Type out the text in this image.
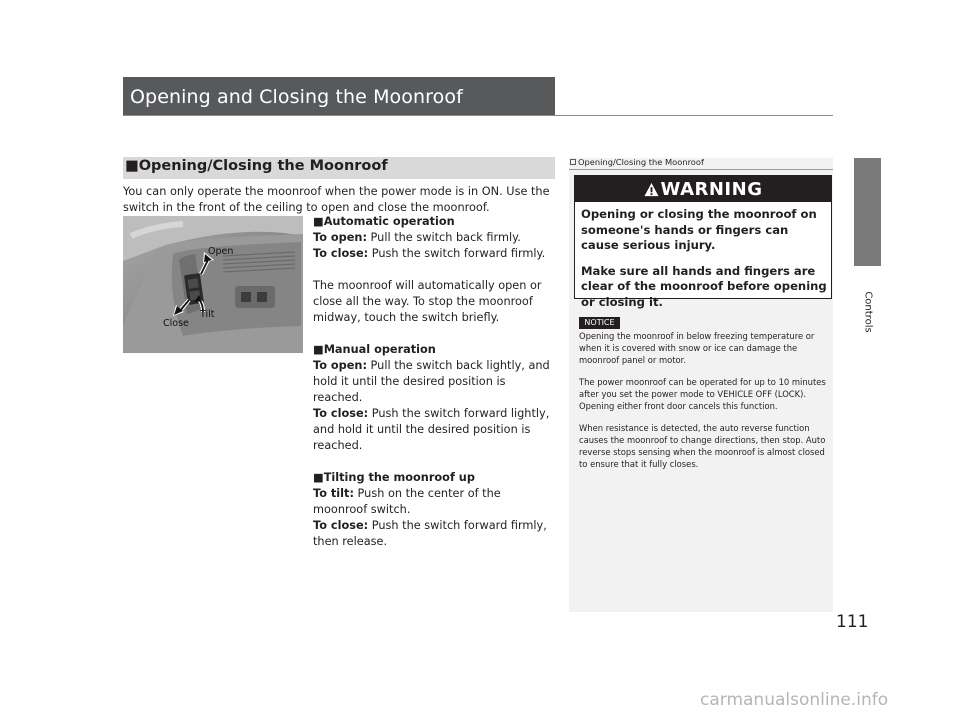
Opening and Closing the Moonroof
Controls
■Opening/Closing the Moonroof
You can only operate the moonroof when the power mode is in ON. Use the switch in the front of the ceiling to open and close the moonroof.
Open
Tilt
Close

■Automatic operation

To open: Pull the switch back firmly.

To close: Push the switch forward firmly.

The moonroof will automatically open or close all the way. To stop the moonroof midway, touch the switch briefly.

■Manual operation

To open: Pull the switch back lightly, and hold it until the desired position is reached.

To close: Push the switch forward lightly, and hold it until the desired position is reached.

■Tilting the moonroof up

To tilt: Push on the center of the moonroof switch.

To close: Push the switch forward firmly, then release.

Opening/Closing the Moonroof
WARNING

Opening or closing the moonroof on someone's hands or fingers can cause serious injury.

Make sure all hands and fingers are clear of the moonroof before opening or closing it.

NOTICE

Opening the moonroof in below freezing temperature or when it is covered with snow or ice can damage the moonroof panel or motor.

The power moonroof can be operated for up to 10 minutes after you set the power mode to VEHICLE OFF (LOCK).
Opening either front door cancels this function.

When resistance is detected, the auto reverse function causes the moonroof to change directions, then stop. Auto reverse stops sensing when the moonroof is almost closed to ensure that it fully closes.

111
carmanualsonline.info
